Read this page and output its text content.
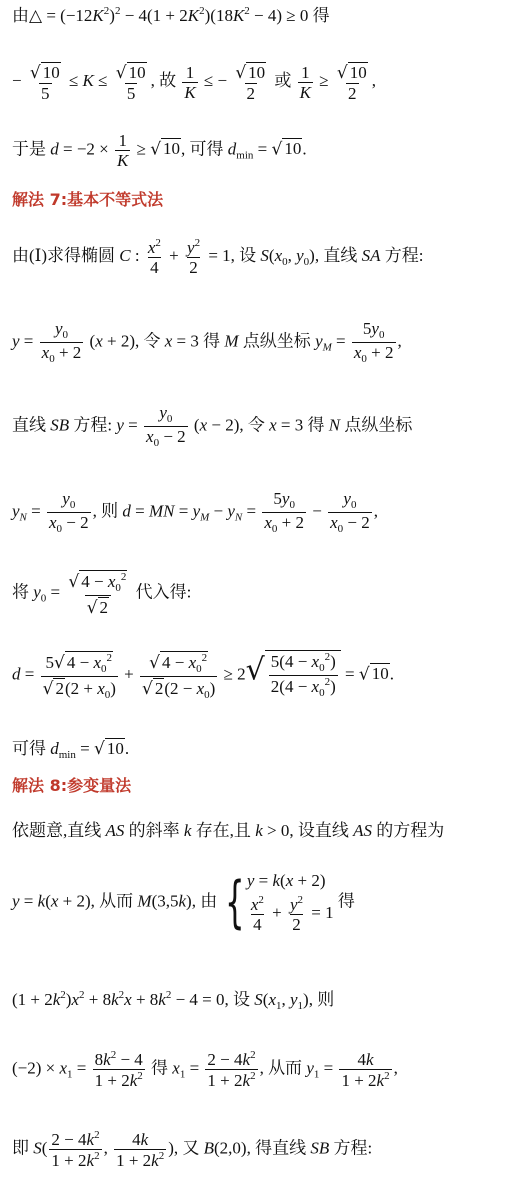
由△ = $(-12K^2)^2 - 4(1 + 2K^2)(18K^2 - 4) \ge 0$ 得
− $\frac{√ 10}{5} \le K \le \frac{√ 10}{5}$ , 故 $\frac{1}{K}$ ≤ − $\frac{√ 10}{2}$ 或 $\frac{1}{K} \ge \frac{√ 10}{2}$ ,
于是 $d = -2 \times \frac{1}{K}$ ≥ √ 10, 可得 $d_{min}$ = √ 10.
解法 7:基本不等式法
由(Ⅰ)求得椭圆 C : $\frac{x^2}{4} + \frac{y^2}{2} = 1$, 设 $S(x_0$, $y_0$), 直线 SA 方程:
$y = \frac{y_0}{x_0 + 2} (x + 2)$, 令 x = 3 得 M 点纵坐标 $y_M = \frac{5y_0}{x_0 + 2}$ ,
直线 SB 方程: $y = \frac{y_0}{x_0 - 2} (x - 2)$, 令 x = 3 得 N 点纵坐标
$y_N = \frac{y_0}{x_0 - 2}$ , 则 d = MN = $y_M - y_N = \frac{5y_0}{x_0 + 2} - \frac{y_0}{x_0 - 2}$ ,
将 $y_0 = \frac{√ 4 - x_0^2}{√ 2}$ 代入得:
$d = \frac{5√ 4 - x_0^2}{√ 2(2 + x_0)} + \frac{√ 4 - x_0^2}{√ 2(2 - x_0)} \ge 2√ \frac{5(4 - x_0^2)}{2(4 - x_0^2)}$ = √ 10.
可得 $d_{min}$ = √ 10.
解法 8:参变量法
依题意,直线 AS 的斜率 k 存在,且 k > 0, 设直线 AS 的方程为
y = k(x + 2), 从而 M(3,5k), 由 { y = k(x + 2)
$\frac{x^2}{4} + \frac{y^2}{2} = 1$
得
$(1 + 2k^2)x^2 + 8k^2x + 8k^2 - 4 = 0$, 设 $S(x_1$, $y_1$), 则
$(-2) \times x_1 = \frac{8k^2 - 4}{1 + 2k^2}$ 得 $x_1 = \frac{2 - 4k^2}{1 + 2k^2}$ , 从而 $y_1 = \frac{4k}{1 + 2k^2}$ ,
即 $S( \frac{2 - 4k^2}{1 + 2k^2}$ , $\frac{4k}{1 + 2k^2}$ ), 又 B(2,0), 得直线 SB 方程:
